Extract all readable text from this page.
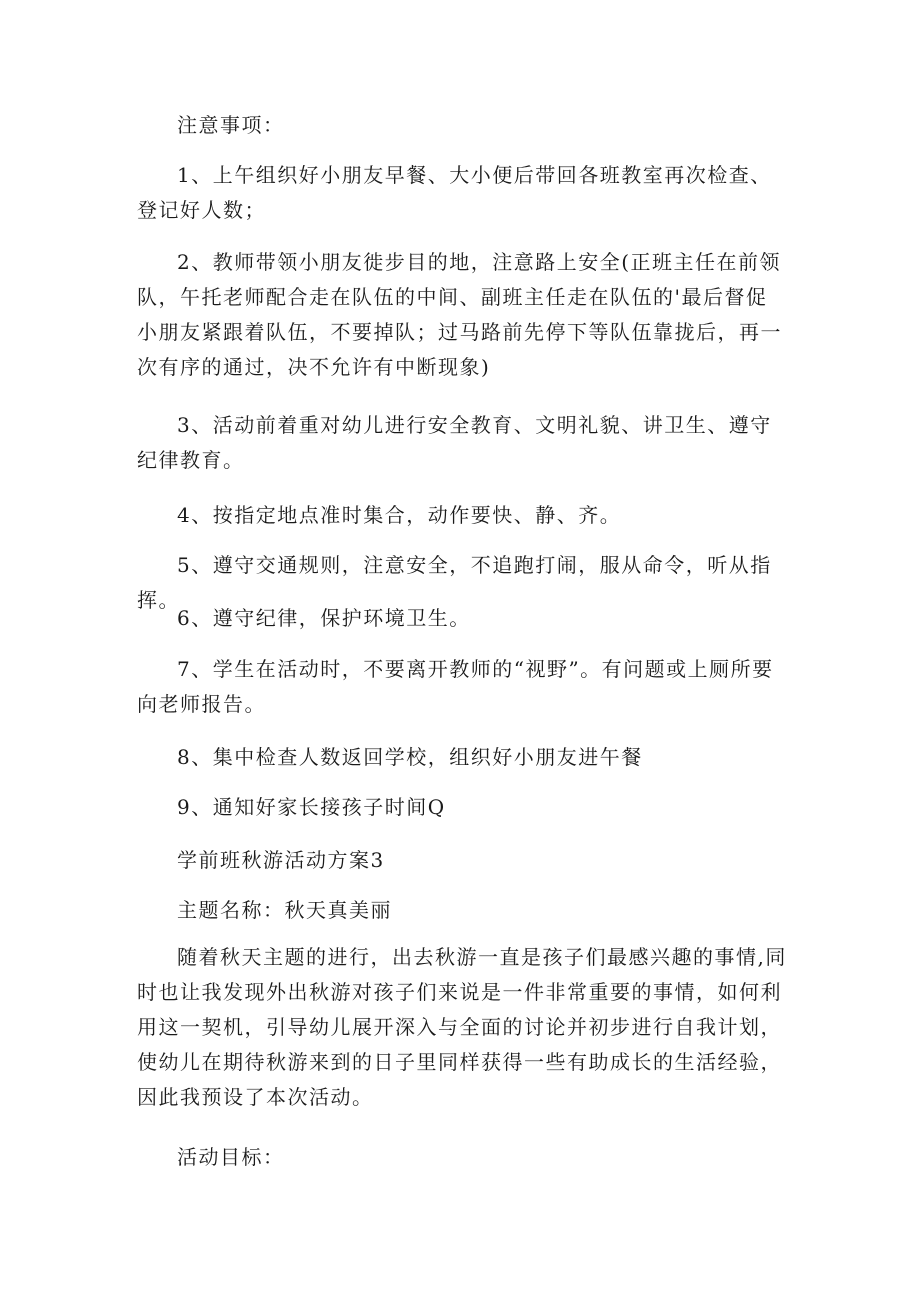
注意事项：

1、上午组织好小朋友早餐、大小便后带回各班教室再次检查、登记好人数；

2、教师带领小朋友徙步目的地，注意路上安全(正班主任在前领队，午托老师配合走在队伍的中间、副班主任走在队伍的'最后督促小朋友紧跟着队伍，不要掉队；过马路前先停下等队伍靠拢后，再一次有序的通过，决不允许有中断现象)

3、活动前着重对幼儿进行安全教育、文明礼貌、讲卫生、遵守纪律教育。

4、按指定地点准时集合，动作要快、静、齐。

5、遵守交通规则，注意安全，不追跑打闹，服从命令，听从指挥。

6、遵守纪律，保护环境卫生。

7、学生在活动时，不要离开教师的“视野”。有问题或上厕所要向老师报告。

8、集中检查人数返回学校，组织好小朋友进午餐

9、通知好家长接孩子时间Q

学前班秋游活动方案3

主题名称：秋天真美丽

随着秋天主题的进行，出去秋游一直是孩子们最感兴趣的事情,同时也让我发现外出秋游对孩子们来说是一件非常重要的事情，如何利用这一契机，引导幼儿展开深入与全面的讨论并初步进行自我计划，使幼儿在期待秋游来到的日子里同样获得一些有助成长的生活经验，因此我预设了本次活动。

活动目标：
